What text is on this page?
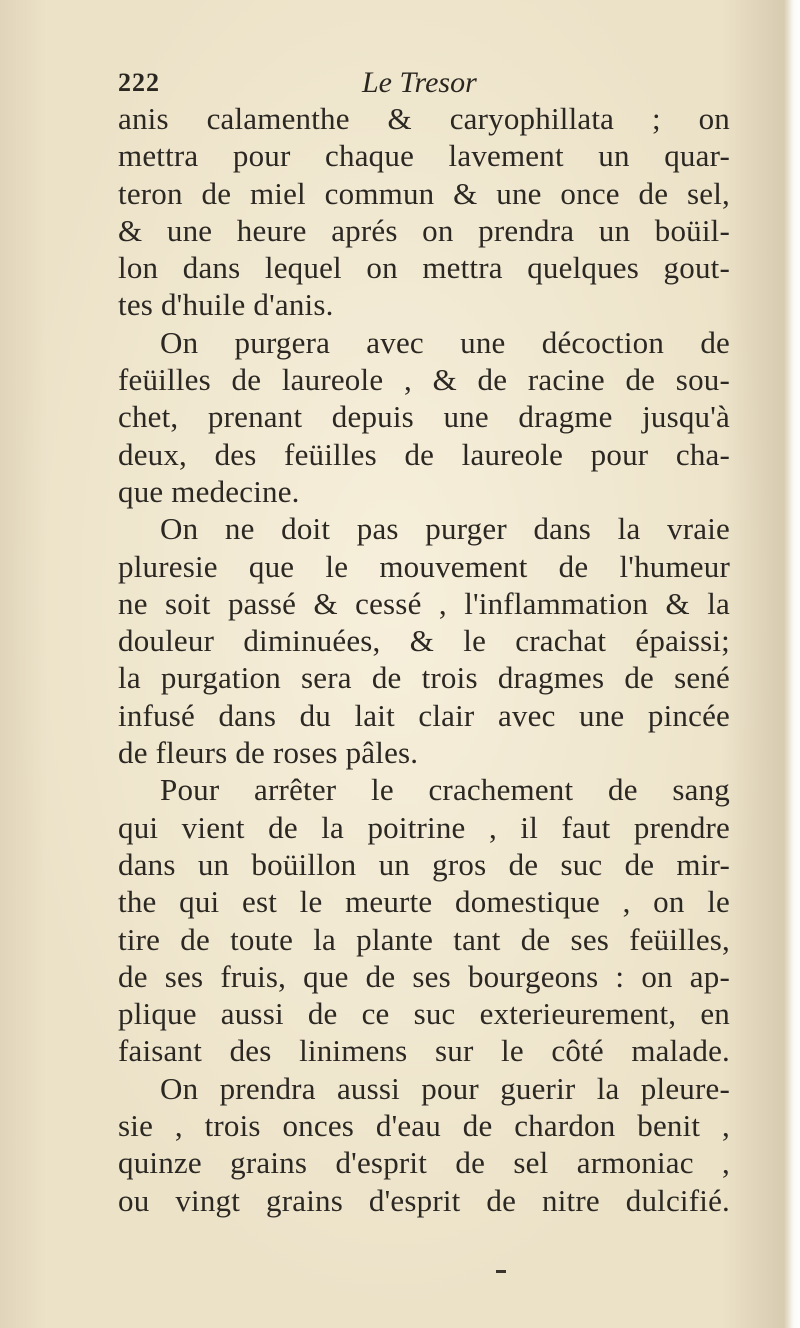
222	Le Tresor
anis calamenthe & caryophillata ; on
mettra pour chaque lavement un quar-
teron de miel commun & une once de sel,
& une heure aprés on prendra un boüil-
lon dans lequel on mettra quelques gout-
tes d'huile d'anis.
On purgera avec une décoction de
feüilles de laureole , & de racine de sou-
chet, prenant depuis une dragme jusqu'à
deux, des feüilles de laureole pour cha-
que medecine.
On ne doit pas purger dans la vraie
pluresie que le mouvement de l'humeur
ne soit passé & cessé , l'inflammation & la
douleur diminuées, & le crachat épaissi;
la purgation sera de trois dragmes de sené
infusé dans du lait clair avec une pincée
de fleurs de roses pâles.
Pour arrêter le crachement de sang
qui vient de la poitrine , il faut prendre
dans un boüillon un gros de suc de mir-
the qui est le meurte domestique , on le
tire de toute la plante tant de ses feüilles,
de ses fruis, que de ses bourgeons : on ap-
plique aussi de ce suc exterieurement, en
faisant des linimens sur le côté malade.
On prendra aussi pour guerir la pleure-
sie , trois onces d'eau de chardon benit ,
quinze grains d'esprit de sel armoniac ,
ou vingt grains d'esprit de nitre dulcifié.
